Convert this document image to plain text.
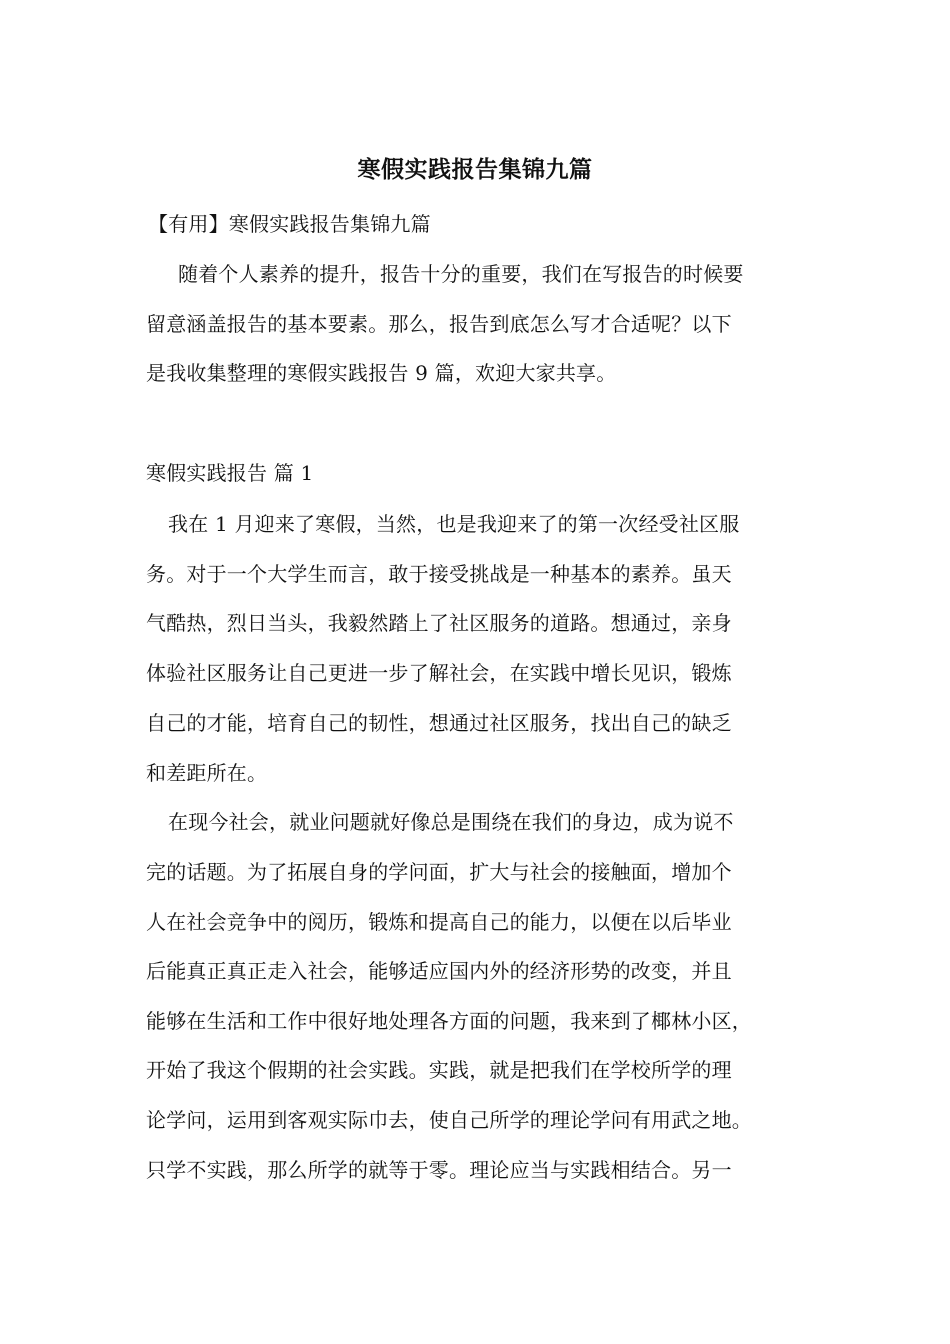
寒假实践报告集锦九篇
【有用】寒假实践报告集锦九篇
随着个人素养的提升，报告十分的重要，我们在写报告的时候要
留意涵盖报告的基本要素。那么，报告到底怎么写才合适呢？以下
是我收集整理的寒假实践报告 9 篇，欢迎大家共享。
寒假实践报告 篇 1
我在 1 月迎来了寒假，当然，也是我迎来了的第一次经受社区服
务。对于一个大学生而言，敢于接受挑战是一种基本的素养。虽天
气酷热，烈日当头，我毅然踏上了社区服务的道路。想通过，亲身
体验社区服务让自己更进一步了解社会，在实践中增长见识，锻炼
自己的才能，培育自己的韧性，想通过社区服务，找出自己的缺乏
和差距所在。
在现今社会，就业问题就好像总是围绕在我们的身边，成为说不
完的话题。为了拓展自身的学问面，扩大与社会的接触面，增加个
人在社会竞争中的阅历，锻炼和提高自己的能力，以便在以后毕业
后能真正真正走入社会，能够适应国内外的经济形势的改变，并且
能够在生活和工作中很好地处理各方面的问题，我来到了椰林小区，
开始了我这个假期的社会实践。实践，就是把我们在学校所学的理
论学问，运用到客观实际巾去，使自己所学的理论学问有用武之地。
只学不实践，那么所学的就等于零。理论应当与实践相结合。另一
